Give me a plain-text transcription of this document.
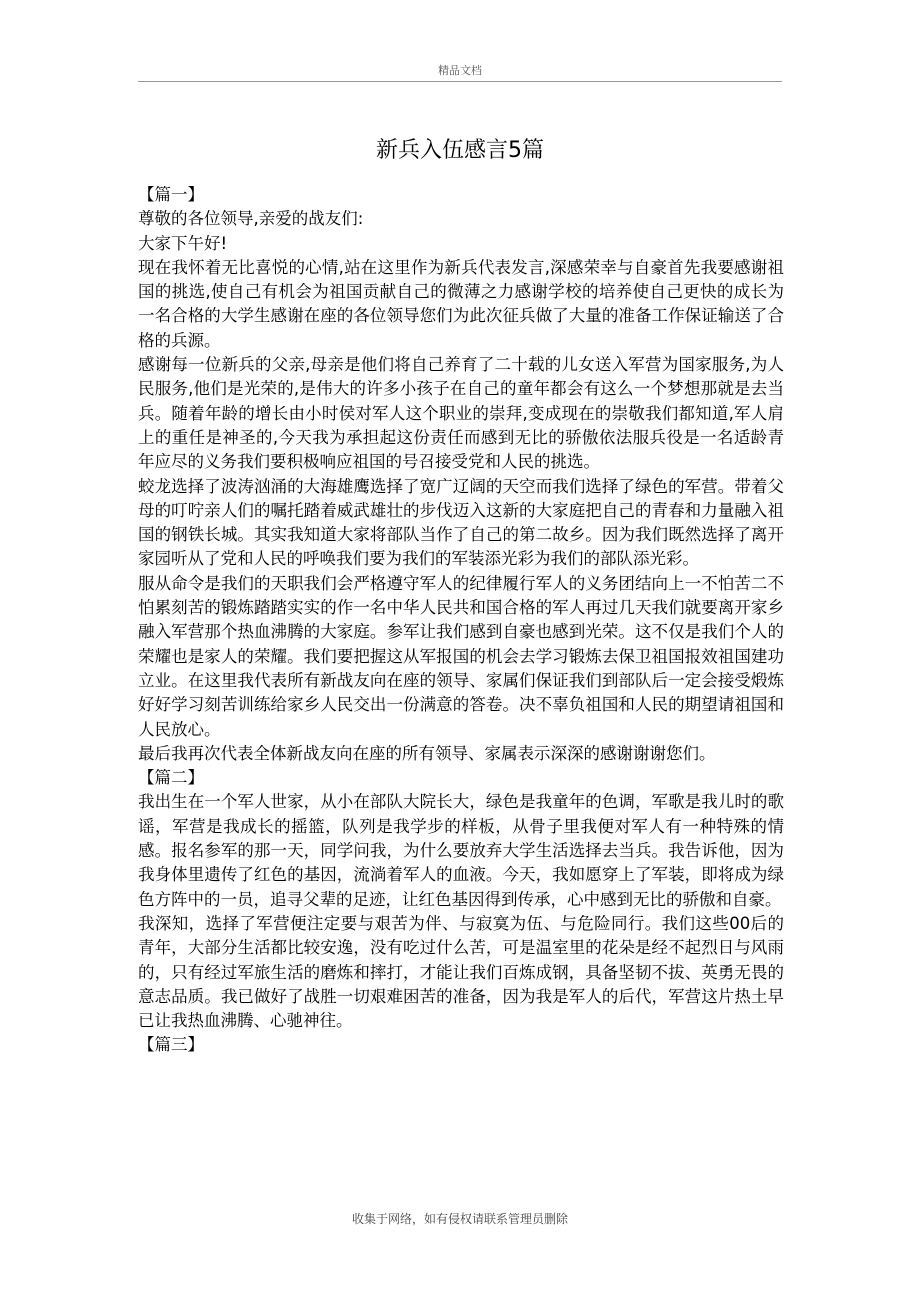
精品文档
新兵入伍感言5篇
【篇一】

尊敬的各位领导,亲爱的战友们:

大家下午好!

现在我怀着无比喜悦的心情,站在这里作为新兵代表发言,深感荣幸与自豪首先我要感谢祖国的挑选,使自己有机会为祖国贡献自己的微薄之力感谢学校的培养使自己更快的成长为一名合格的大学生感谢在座的各位领导您们为此次征兵做了大量的准备工作保证输送了合格的兵源。

感谢每一位新兵的父亲,母亲是他们将自己养育了二十载的儿女送入军营为国家服务,为人民服务,他们是光荣的,是伟大的许多小孩子在自己的童年都会有这么一个梦想那就是去当兵。随着年龄的增长由小时侯对军人这个职业的崇拜,变成现在的崇敬我们都知道,军人肩上的重任是神圣的,今天我为承担起这份责任而感到无比的骄傲依法服兵役是一名适龄青年应尽的义务我们要积极响应祖国的号召接受党和人民的挑选。

蛟龙选择了波涛汹涌的大海雄鹰选择了宽广辽阔的天空而我们选择了绿色的军营。带着父母的叮咛亲人们的嘱托踏着威武雄壮的步伐迈入这新的大家庭把自己的青春和力量融入祖国的钢铁长城。其实我知道大家将部队当作了自己的第二故乡。因为我们既然选择了离开家园听从了党和人民的呼唤我们要为我们的军装添光彩为我们的部队添光彩。

服从命令是我们的天职我们会严格遵守军人的纪律履行军人的义务团结向上一不怕苦二不怕累刻苦的锻炼踏踏实实的作一名中华人民共和国合格的军人再过几天我们就要离开家乡融入军营那个热血沸腾的大家庭。参军让我们感到自豪也感到光荣。这不仅是我们个人的荣耀也是家人的荣耀。我们要把握这从军报国的机会去学习锻炼去保卫祖国报效祖国建功立业。在这里我代表所有新战友向在座的领导、家属们保证我们到部队后一定会接受煅炼好好学习刻苦训练给家乡人民交出一份满意的答卷。决不辜负祖国和人民的期望请祖国和人民放心。

最后我再次代表全体新战友向在座的所有领导、家属表示深深的感谢谢谢您们。

【篇二】

我出生在一个军人世家，从小在部队大院长大，绿色是我童年的色调，军歌是我儿时的歌谣，军营是我成长的摇篮，队列是我学步的样板，从骨子里我便对军人有一种特殊的情感。报名参军的那一天，同学问我，为什么要放弃大学生活选择去当兵。我告诉他，因为我身体里遗传了红色的基因，流淌着军人的血液。今天，我如愿穿上了军装，即将成为绿色方阵中的一员，追寻父辈的足迹，让红色基因得到传承，心中感到无比的骄傲和自豪。

我深知，选择了军营便注定要与艰苦为伴、与寂寞为伍、与危险同行。我们这些00后的青年，大部分生活都比较安逸，没有吃过什么苦，可是温室里的花朵是经不起烈日与风雨的，只有经过军旅生活的磨炼和摔打，才能让我们百炼成钢，具备坚韧不拔、英勇无畏的意志品质。我已做好了战胜一切艰难困苦的准备，因为我是军人的后代，军营这片热土早已让我热血沸腾、心驰神往。

【篇三】
收集于网络，如有侵权请联系管理员删除
